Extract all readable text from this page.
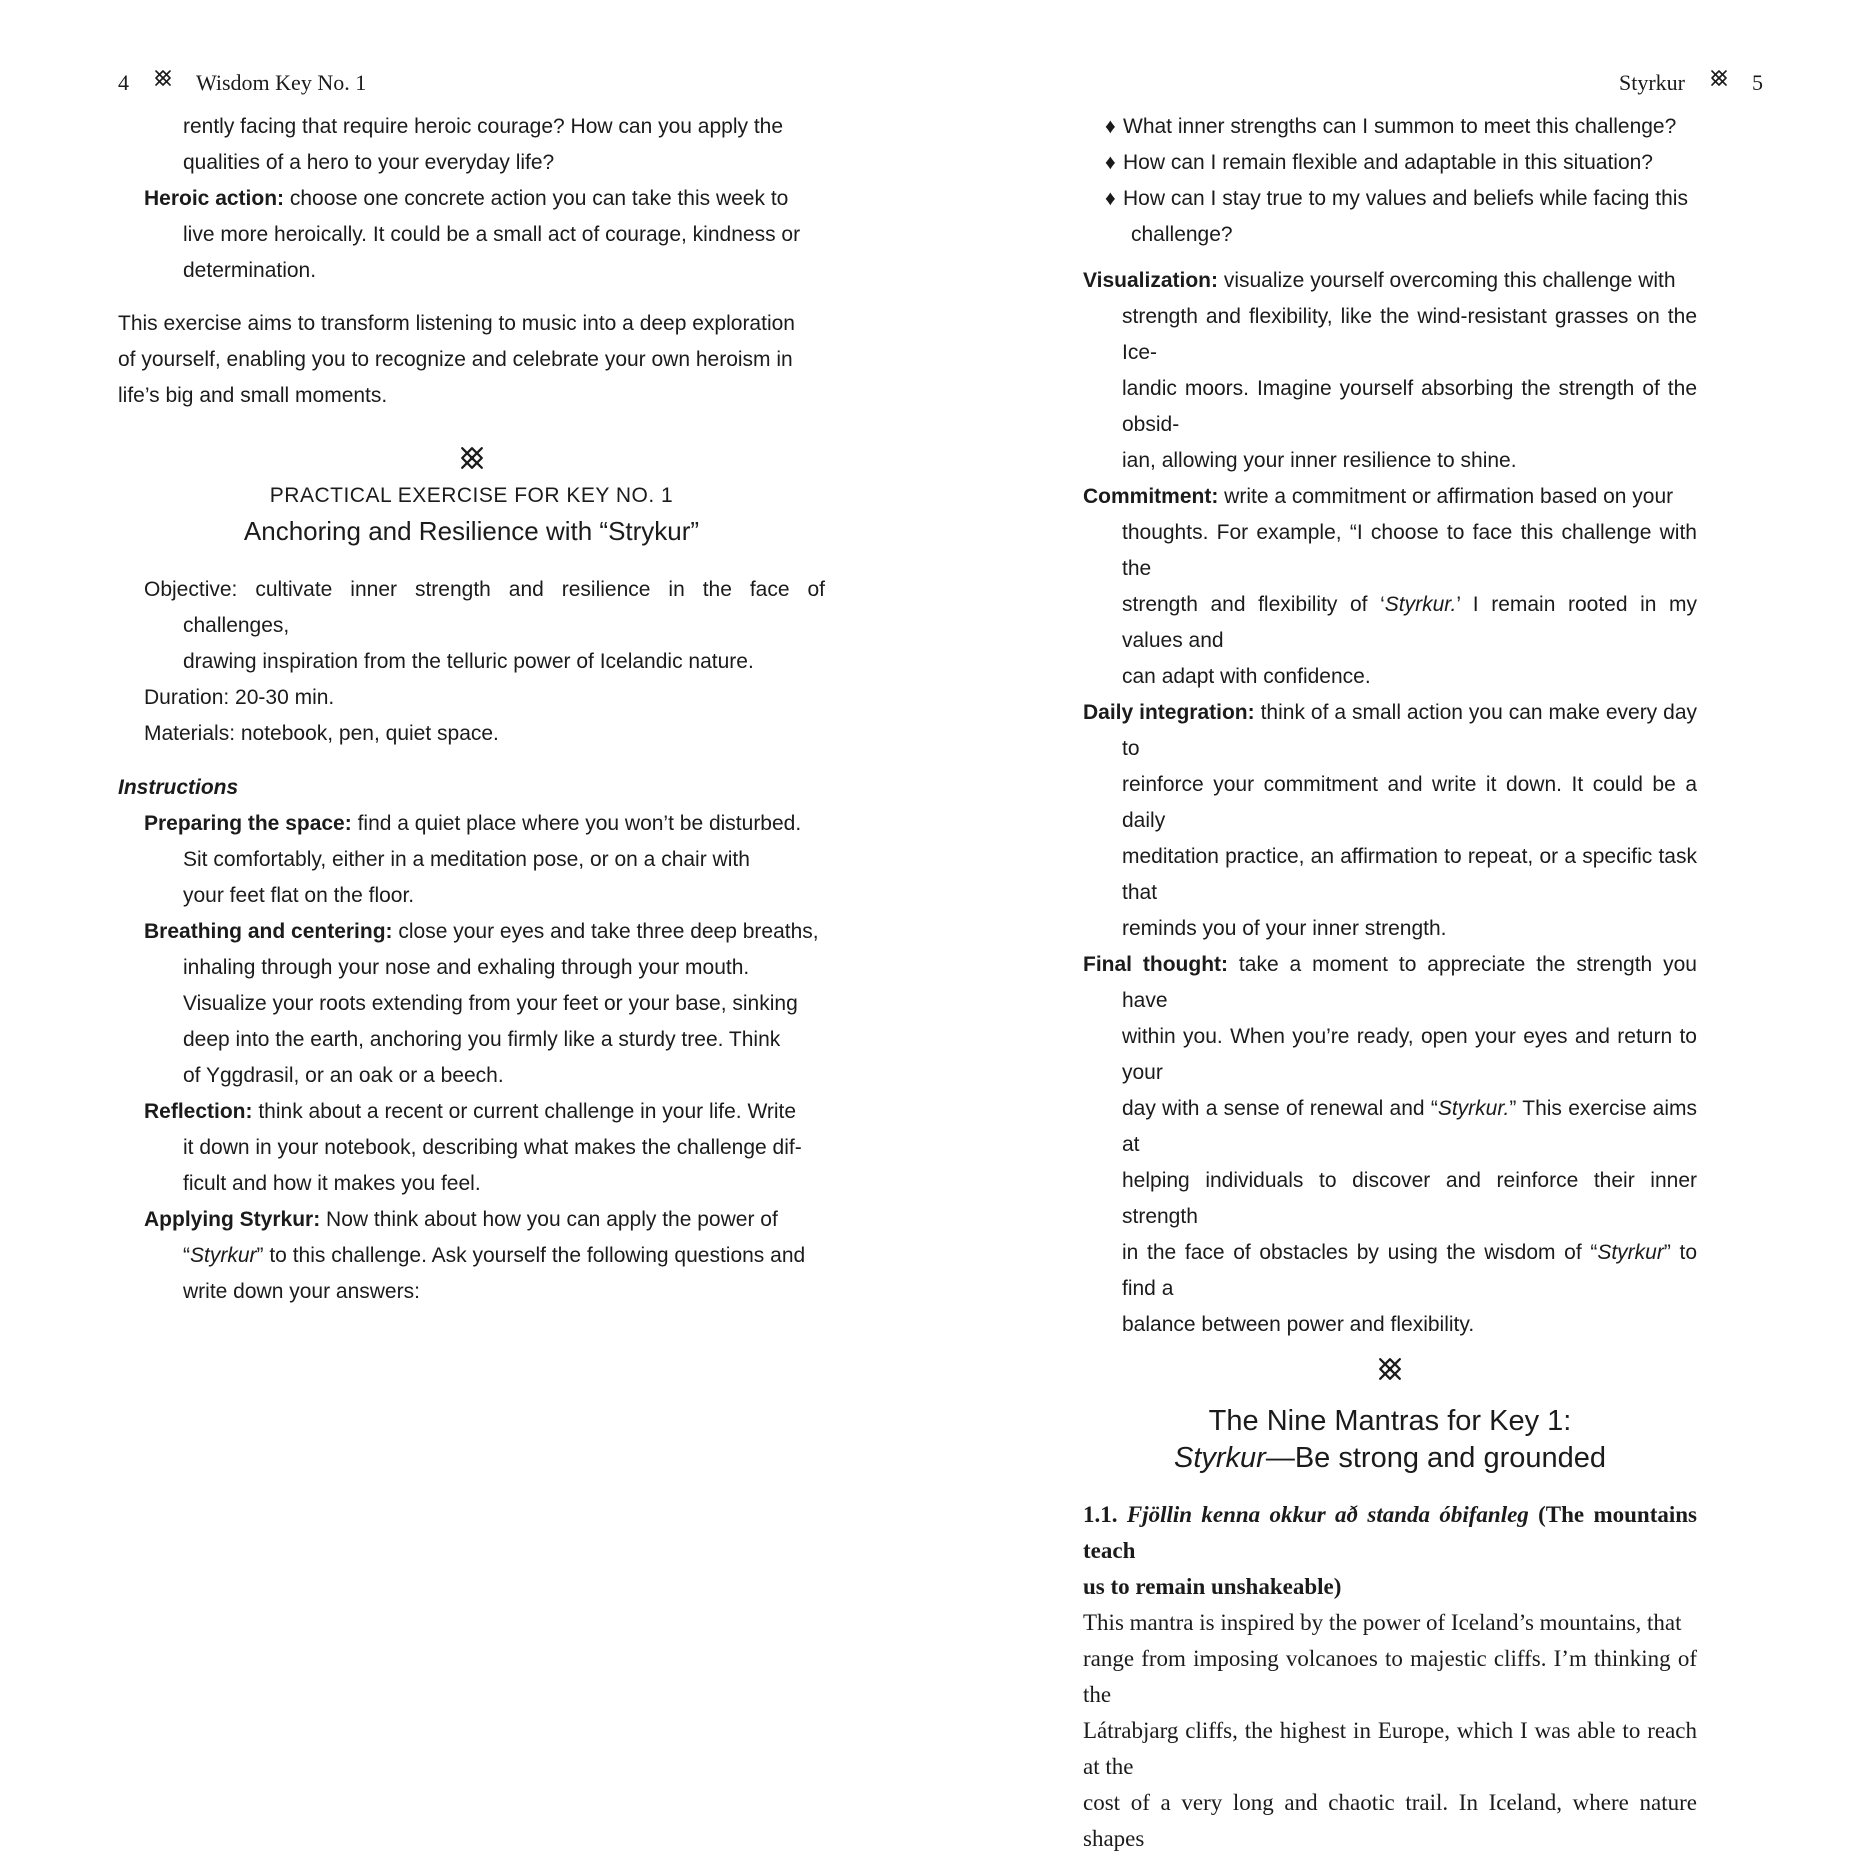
4	Wisdom Key No. 1

rently facing that require heroic courage? How can you apply the

qualities of a hero to your everyday life?

Heroic action: choose one concrete action you can take this week to

live more heroically. It could be a small act of courage, kindness or

determination.

This exercise aims to transform listening to music into a deep exploration

of yourself, enabling you to recognize and celebrate your own heroism in

life’s big and small moments.

PRACTICAL EXERCISE FOR KEY NO. 1

Anchoring and Resilience with “Strykur”

Objective: cultivate inner strength and resilience in the face of challenges,

drawing inspiration from the telluric power of Icelandic nature.

Duration: 20-30 min.

Materials: notebook, pen, quiet space.

Instructions

Preparing the space: find a quiet place where you won’t be disturbed.

Sit comfortably, either in a meditation pose, or on a chair with

your feet flat on the floor.

Breathing and centering: close your eyes and take three deep breaths,

inhaling through your nose and exhaling through your mouth.

Visualize your roots extending from your feet or your base, sinking

deep into the earth, anchoring you firmly like a sturdy tree. Think

of Yggdrasil, or an oak or a beech.

Reflection: think about a recent or current challenge in your life. Write

it down in your notebook, describing what makes the challenge dif-

ficult and how it makes you feel.

Applying Styrkur: Now think about how you can apply the power of

“Styrkur” to this challenge. Ask yourself the following questions and

write down your answers:

Styrkur	5

♦ What inner strengths can I summon to meet this challenge?

♦ How can I remain flexible and adaptable in this situation?

♦ How can I stay true to my values and beliefs while facing this

challenge?

Visualization: visualize yourself overcoming this challenge with

strength and flexibility, like the wind-resistant grasses on the Ice-

landic moors. Imagine yourself absorbing the strength of the obsid-

ian, allowing your inner resilience to shine.

Commitment: write a commitment or affirmation based on your

thoughts. For example, “I choose to face this challenge with the

strength and flexibility of ‘Styrkur.’ I remain rooted in my values and

can adapt with confidence.

Daily integration: think of a small action you can make every day to

reinforce your commitment and write it down. It could be a daily

meditation practice, an affirmation to repeat, or a specific task that

reminds you of your inner strength.

Final thought: take a moment to appreciate the strength you have

within you. When you’re ready, open your eyes and return to your

day with a sense of renewal and “Styrkur.” This exercise aims at

helping individuals to discover and reinforce their inner strength

in the face of obstacles by using the wisdom of “Styrkur” to find a

balance between power and flexibility.

The Nine Mantras for Key 1:

Styrkur—Be strong and grounded

1.1. Fjöllin kenna okkur að standa óbifanleg (The mountains teach

us to remain unshakeable)

This mantra is inspired by the power of Iceland’s mountains, that

range from imposing volcanoes to majestic cliffs. I’m thinking of the

Látrabjarg cliffs, the highest in Europe, which I was able to reach at the

cost of a very long and chaotic trail. In Iceland, where nature shapes
